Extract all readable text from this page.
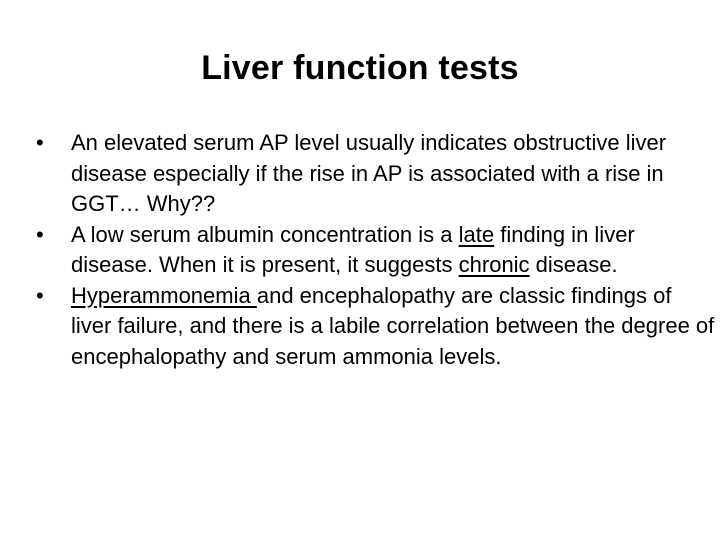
Liver function tests
•	An elevated serum AP level usually indicates obstructive liver disease especially if the rise in AP is associated with a rise in GGT… Why??
•	A low serum albumin concentration is a late finding in liver disease. When it is present, it suggests chronic disease.
•	Hyperammonemia and encephalopathy are classic findings of liver failure, and there is a labile correlation between the degree of encephalopathy and serum ammonia levels.
